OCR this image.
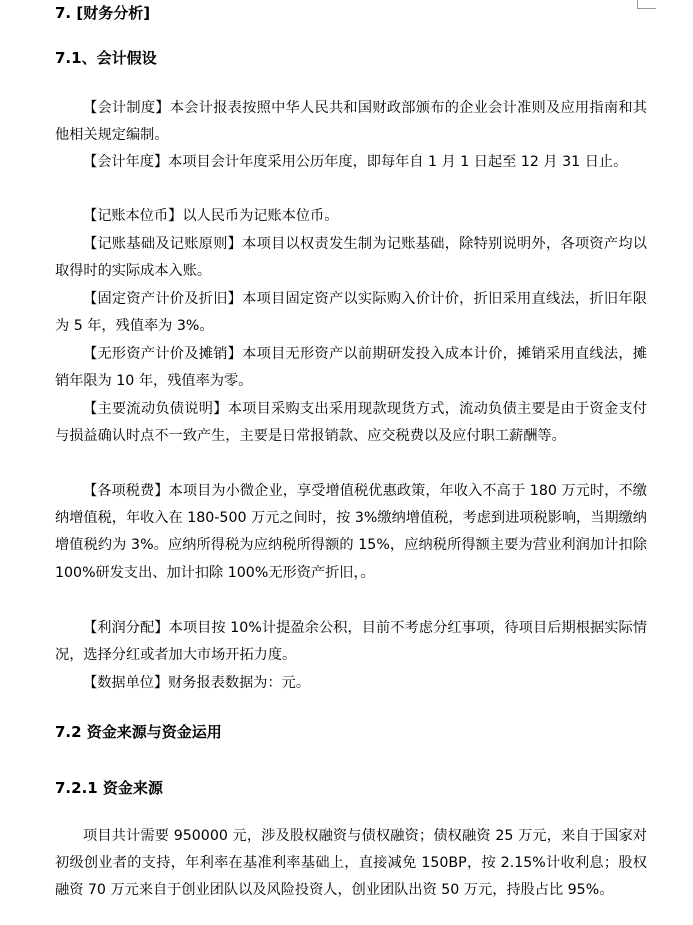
7. [财务分析]
7.1、会计假设

【会计制度】本会计报表按照中华人民共和国财政部颁布的企业会计准则及应用指南和其他相关规定编制。

【会计年度】本项目会计年度采用公历年度，即每年自 1 月 1 日起至 12 月 31 日止。

【记账本位币】以人民币为记账本位币。

【记账基础及记账原则】本项目以权责发生制为记账基础，除特别说明外，各项资产均以取得时的实际成本入账。

【固定资产计价及折旧】本项目固定资产以实际购入价计价，折旧采用直线法，折旧年限为 5 年，残值率为 3%。

【无形资产计价及摊销】本项目无形资产以前期研发投入成本计价，摊销采用直线法，摊销年限为 10 年，残值率为零。

【主要流动负债说明】本项目采购支出采用现款现货方式，流动负债主要是由于资金支付与损益确认时点不一致产生，主要是日常报销款、应交税费以及应付职工薪酬等。

【各项税费】本项目为小微企业，享受增值税优惠政策，年收入不高于 180 万元时，不缴纳增值税，年收入在 180-500 万元之间时，按 3%缴纳增值税，考虑到进项税影响，当期缴纳增值税约为 3%。应纳所得税为应纳税所得额的 15%，应纳税所得额主要为营业利润加计扣除 100%研发支出、加计扣除 100%无形资产折旧，。

【利润分配】本项目按 10%计提盈余公积，目前不考虑分红事项，待项目后期根据实际情况，选择分红或者加大市场开拓力度。

【数据单位】财务报表数据为：元。

7.2 资金来源与资金运用
7.2.1 资金来源

项目共计需要 950000 元，涉及股权融资与债权融资；债权融资 25 万元，来自于国家对初级创业者的支持，年利率在基准利率基础上，直接减免 150BP，按 2.15%计收利息；股权融资 70 万元来自于创业团队以及风险投资人，创业团队出资 50 万元，持股占比 95%。
